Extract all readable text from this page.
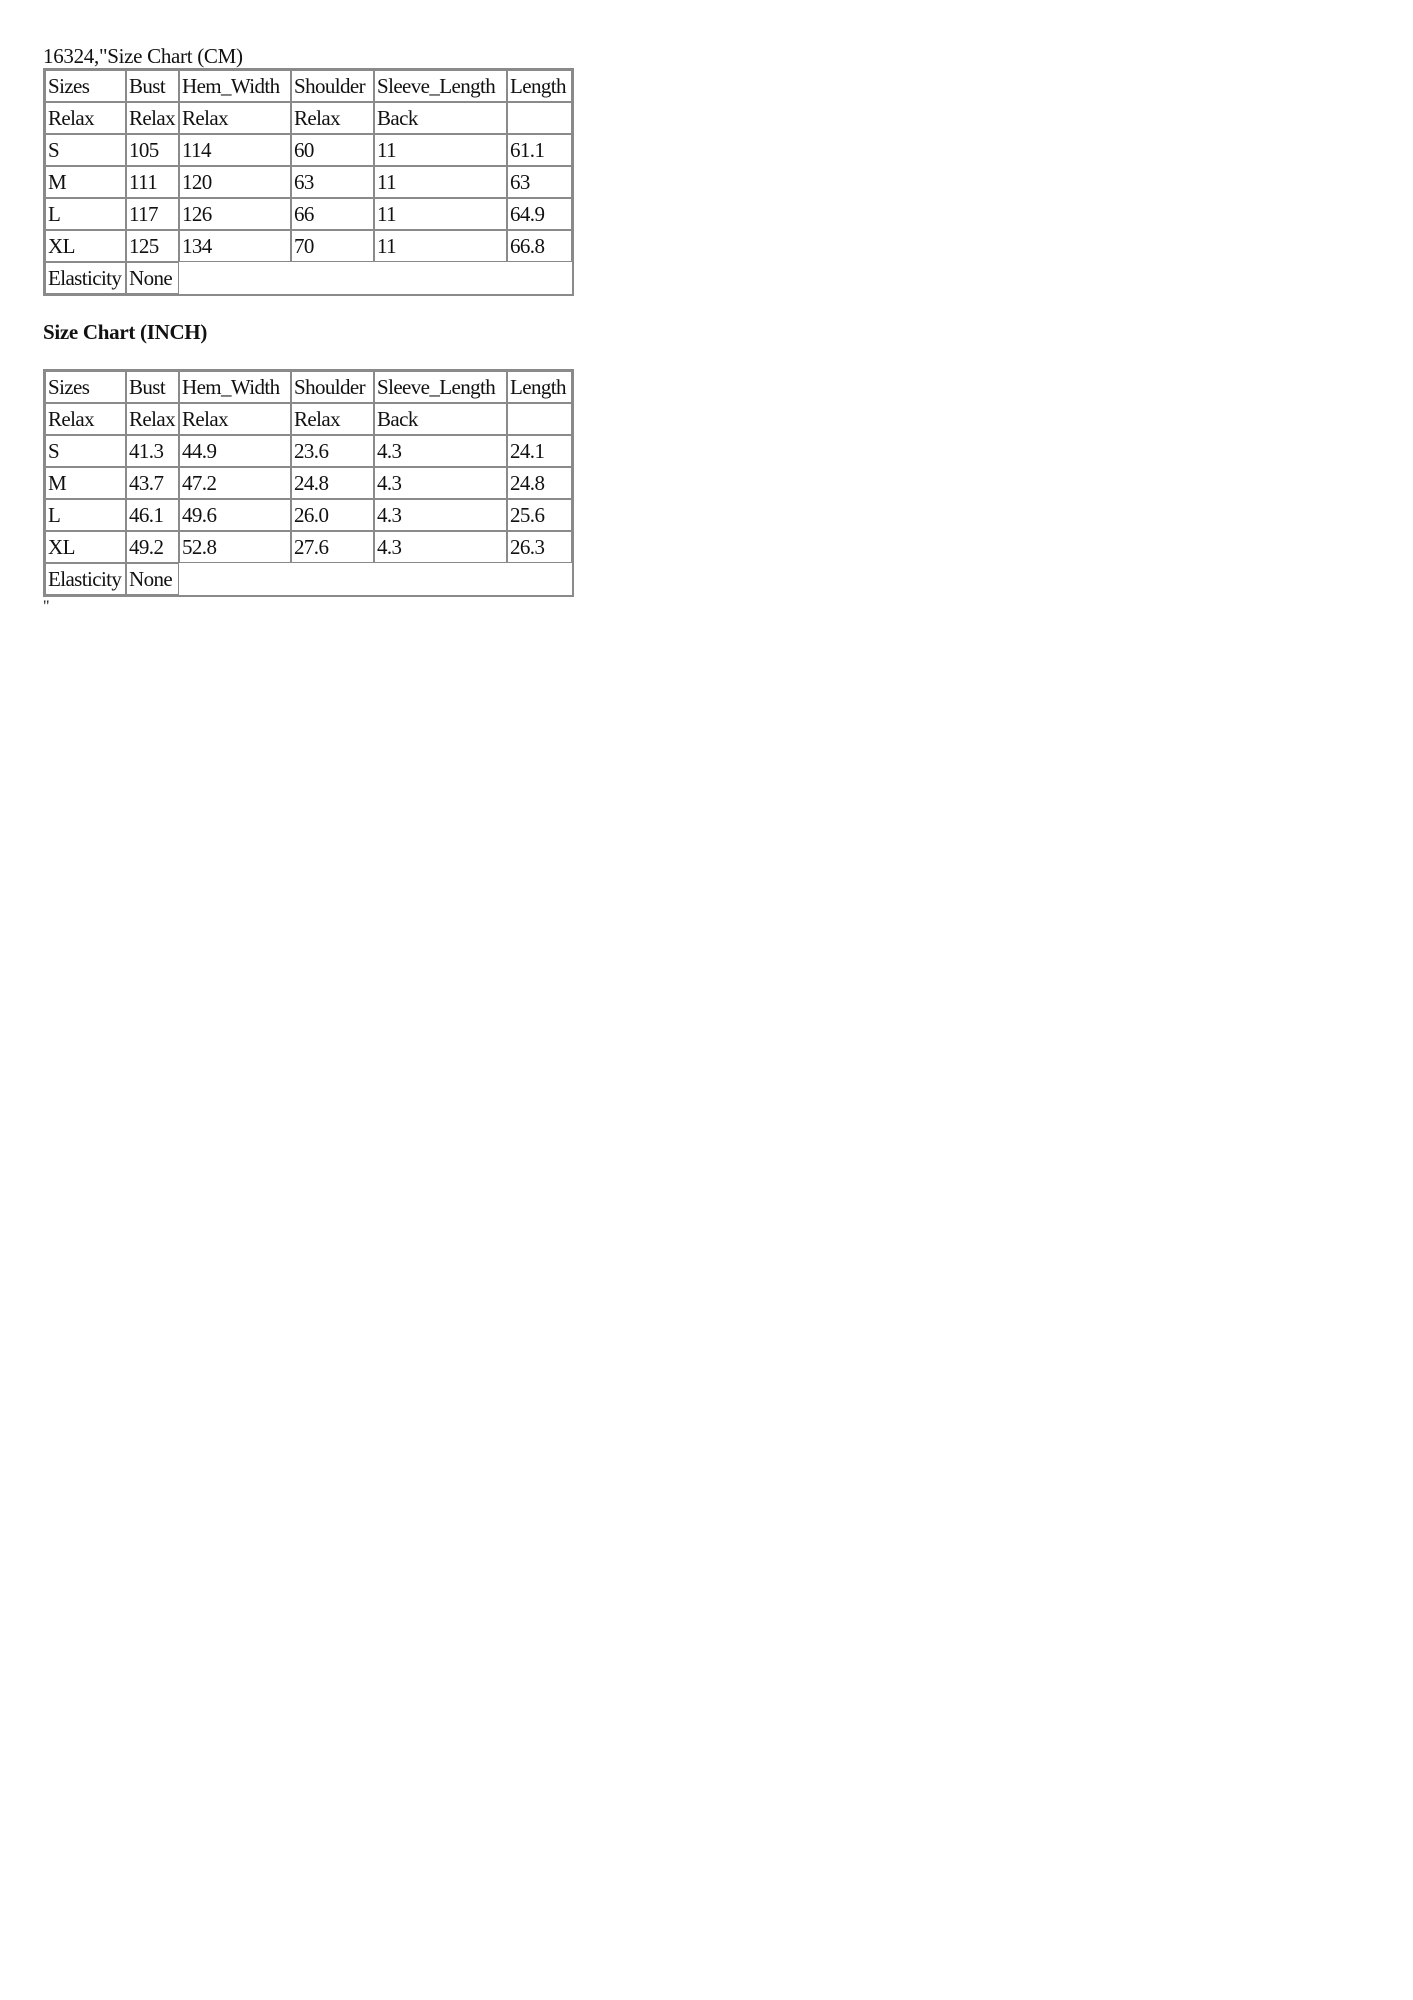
16324,"Size Chart (CM)

Sizes	Bust	Hem_Width	Shoulder	Sleeve_Length	Length
Relax	Relax	Relax	Relax	Back	
S	105	114	60	11	61.1
M	111	120	63	11	63
L	117	126	66	11	64.9
XL	125	134	70	11	66.8
Elasticity	None				

Size Chart (INCH)

Sizes	Bust	Hem_Width	Shoulder	Sleeve_Length	Length
Relax	Relax	Relax	Relax	Back	
S	41.3	44.9	23.6	4.3	24.1
M	43.7	47.2	24.8	4.3	24.8
L	46.1	49.6	26.0	4.3	25.6
XL	49.2	52.8	27.6	4.3	26.3
Elasticity	None				

"
